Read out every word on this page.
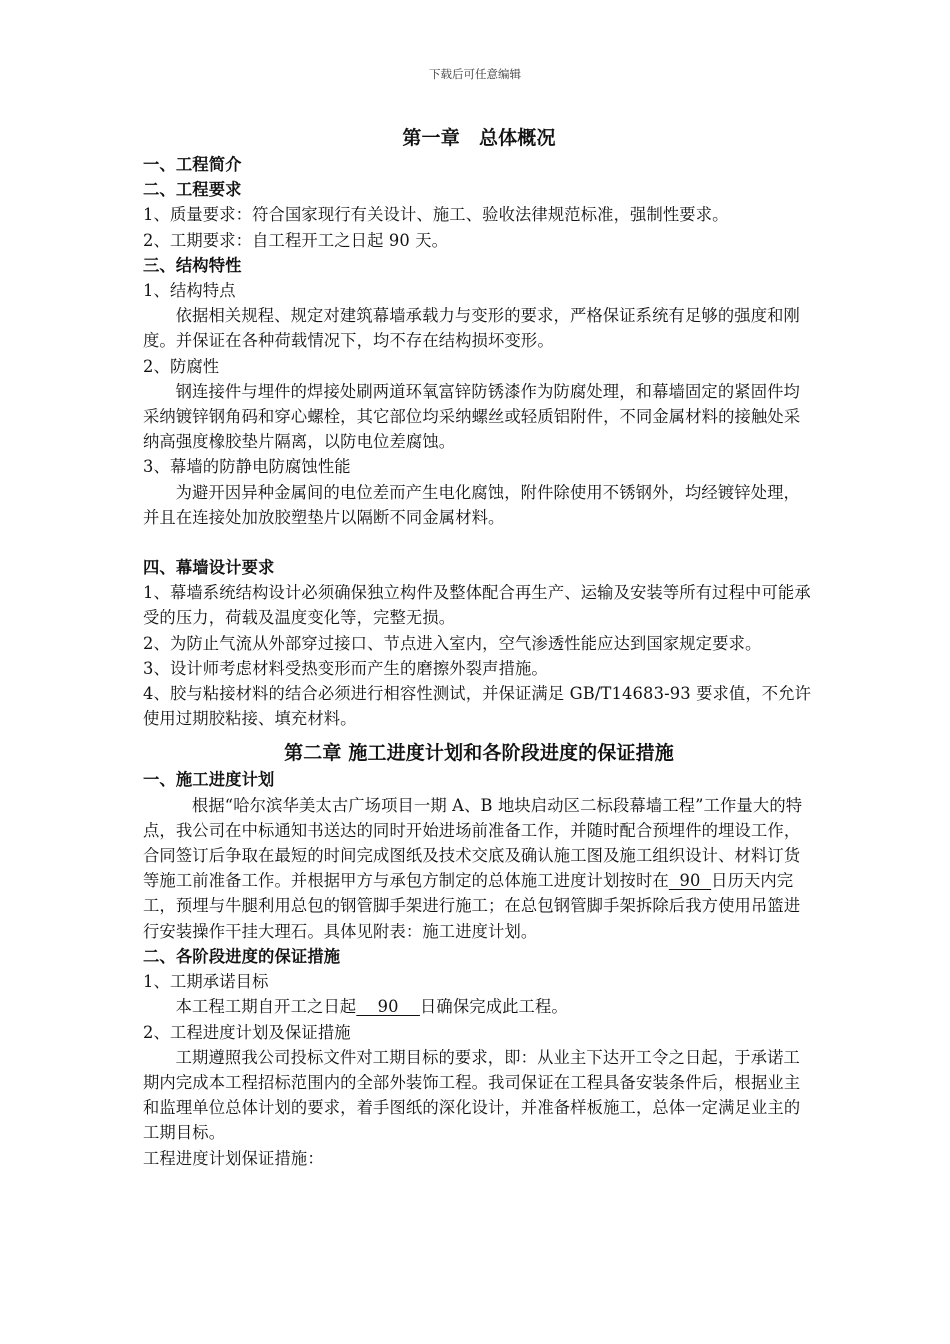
下载后可任意编辑
第一章　总体概况
一、工程简介
二、工程要求

1、质量要求：符合国家现行有关设计、施工、验收法律规范标准，强制性要求。

2、工期要求：自工程开工之日起 90 天。

三、结构特性

1、结构特点

依据相关规程、规定对建筑幕墙承载力与变形的要求，严格保证系统有足够的强度和刚度。并保证在各种荷载情况下，均不存在结构损坏变形。

2、防腐性

钢连接件与埋件的焊接处刷两道环氧富锌防锈漆作为防腐处理，和幕墙固定的紧固件均采纳镀锌钢角码和穿心螺栓，其它部位均采纳螺丝或轻质铝附件，不同金属材料的接触处采纳高强度橡胶垫片隔离，以防电位差腐蚀。

3、幕墙的防静电防腐蚀性能

为避开因异种金属间的电位差而产生电化腐蚀，附件除使用不锈钢外，均经镀锌处理，并且在连接处加放胶塑垫片以隔断不同金属材料。

四、幕墙设计要求

1、幕墙系统结构设计必须确保独立构件及整体配合再生产、运输及安装等所有过程中可能承受的压力，荷载及温度变化等，完整无损。

2、为防止气流从外部穿过接口、节点进入室内，空气渗透性能应达到国家规定要求。

3、设计师考虑材料受热变形而产生的磨擦外裂声措施。

4、胶与粘接材料的结合必须进行相容性测试，并保证满足 GB/T14683-93 要求值，不允许使用过期胶粘接、填充材料。

第二章 施工进度计划和各阶段进度的保证措施
一、施工进度计划

根据“哈尔滨华美太古广场项目一期 A、B 地块启动区二标段幕墙工程”工作量大的特点，我公司在中标通知书送达的同时开始进场前准备工作，并随时配合预埋件的埋设工作，合同签订后争取在最短的时间完成图纸及技术交底及确认施工图及施工组织设计、材料订货等施工前准备工作。并根据甲方与承包方制定的总体施工进度计划按时在  90  日历天内完工，预埋与牛腿利用总包的钢管脚手架进行施工；在总包钢管脚手架拆除后我方使用吊篮进行安装操作干挂大理石。具体见附表：施工进度计划。

二、各阶段进度的保证措施

1、工期承诺目标

本工程工期自开工之日起    90    日确保完成此工程。

2、工程进度计划及保证措施

工期遵照我公司投标文件对工期目标的要求，即：从业主下达开工令之日起，于承诺工期内完成本工程招标范围内的全部外装饰工程。我司保证在工程具备安装条件后，根据业主和监理单位总体计划的要求，着手图纸的深化设计，并准备样板施工，总体一定满足业主的工期目标。

工程进度计划保证措施：
